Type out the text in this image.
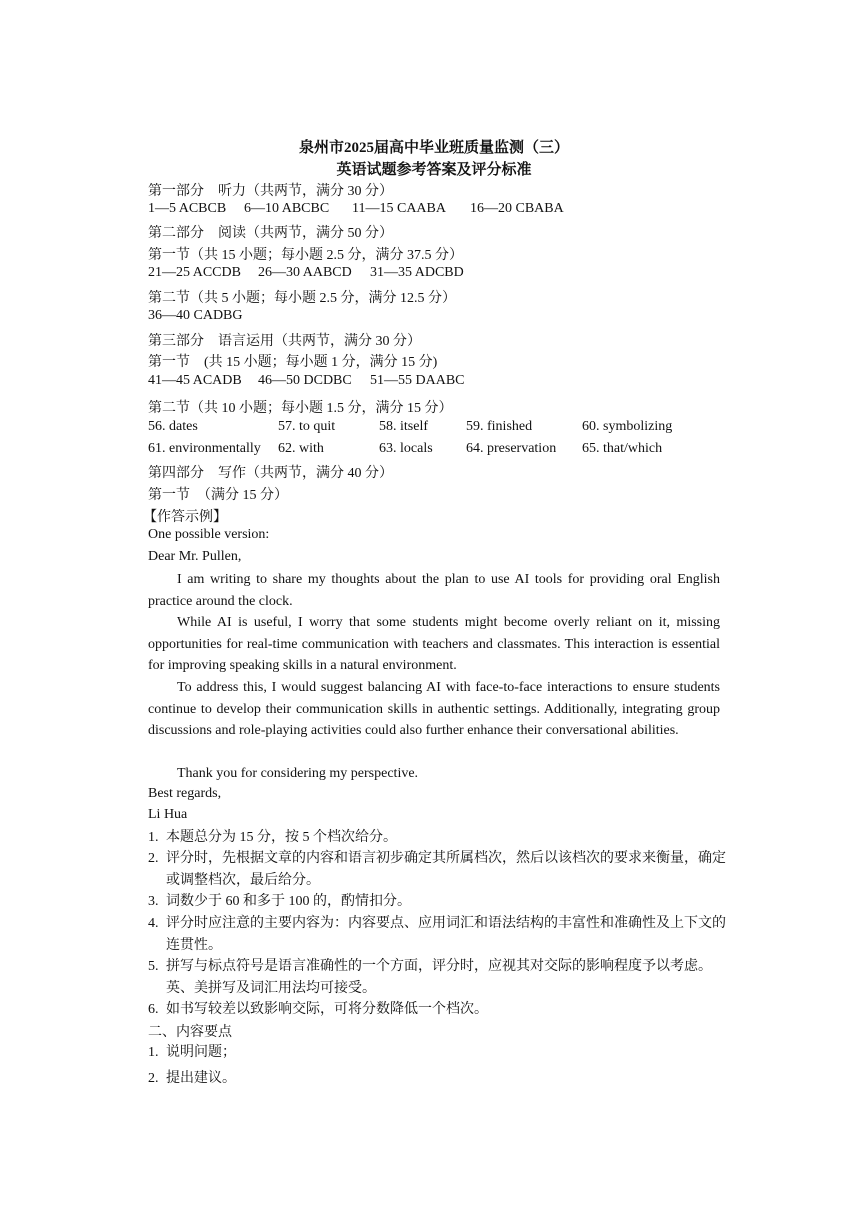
泉州市2025届高中毕业班质量监测（三）
英语试题参考答案及评分标准
第一部分　听力（共两节，满分 30 分）
1—5 ACBCB 6—10 ABCBC 11—15 CAABA 16—20 CBABA
第二部分　阅读（共两节，满分 50 分）
第一节（共 15 小题；每小题 2.5 分，满分 37.5 分）
21—25 ACCDB 26—30 AABCD 31—35 ADCBD
第二节（共 5 小题；每小题 2.5 分，满分 12.5 分）
36—40 CADBG
第三部分　语言运用（共两节，满分 30 分）
第一节　(共 15 小题；每小题 1 分，满分 15 分)
41—45 ACADB 46—50 DCDBC 51—55 DAABC
第二节（共 10 小题；每小题 1.5 分，满分 15 分）
56. dates	57. to quit	58. itself	59. finished	60. symbolizing
61. environmentally 62. with	63. locals 64. preservation 65. that/which
第四部分　写作（共两节，满分 40 分）
第一节　（满分 15 分）
【作答示例】
One possible version:
Dear Mr. Pullen,
I am writing to share my thoughts about the plan to use AI tools for providing oral English practice around the clock.
While AI is useful, I worry that some students might become overly reliant on it, missing opportunities for real-time communication with teachers and classmates. This interaction is essential for improving speaking skills in a natural environment.
To address this, I would suggest balancing AI with face-to-face interactions to ensure students continue to develop their communication skills in authentic settings. Additionally, integrating group discussions and role-playing activities could also further enhance their conversational abilities.
Thank you for considering my perspective.
Best regards,
Li Hua
1. 本题总分为 15 分，按 5 个档次给分。
2. 评分时，先根据文章的内容和语言初步确定其所属档次，然后以该档次的要求来衡量，确定或调整档次，最后给分。
3. 词数少于 60 和多于 100 的，酌情扣分。
4. 评分时应注意的主要内容为：内容要点、应用词汇和语法结构的丰富性和准确性及上下文的连贯性。
5. 拼写与标点符号是语言准确性的一个方面，评分时，应视其对交际的影响程度予以考虑。英、美拼写及词汇用法均可接受。
6. 如书写较差以致影响交际，可将分数降低一个档次。
二、内容要点
1. 说明问题；
2. 提出建议。
